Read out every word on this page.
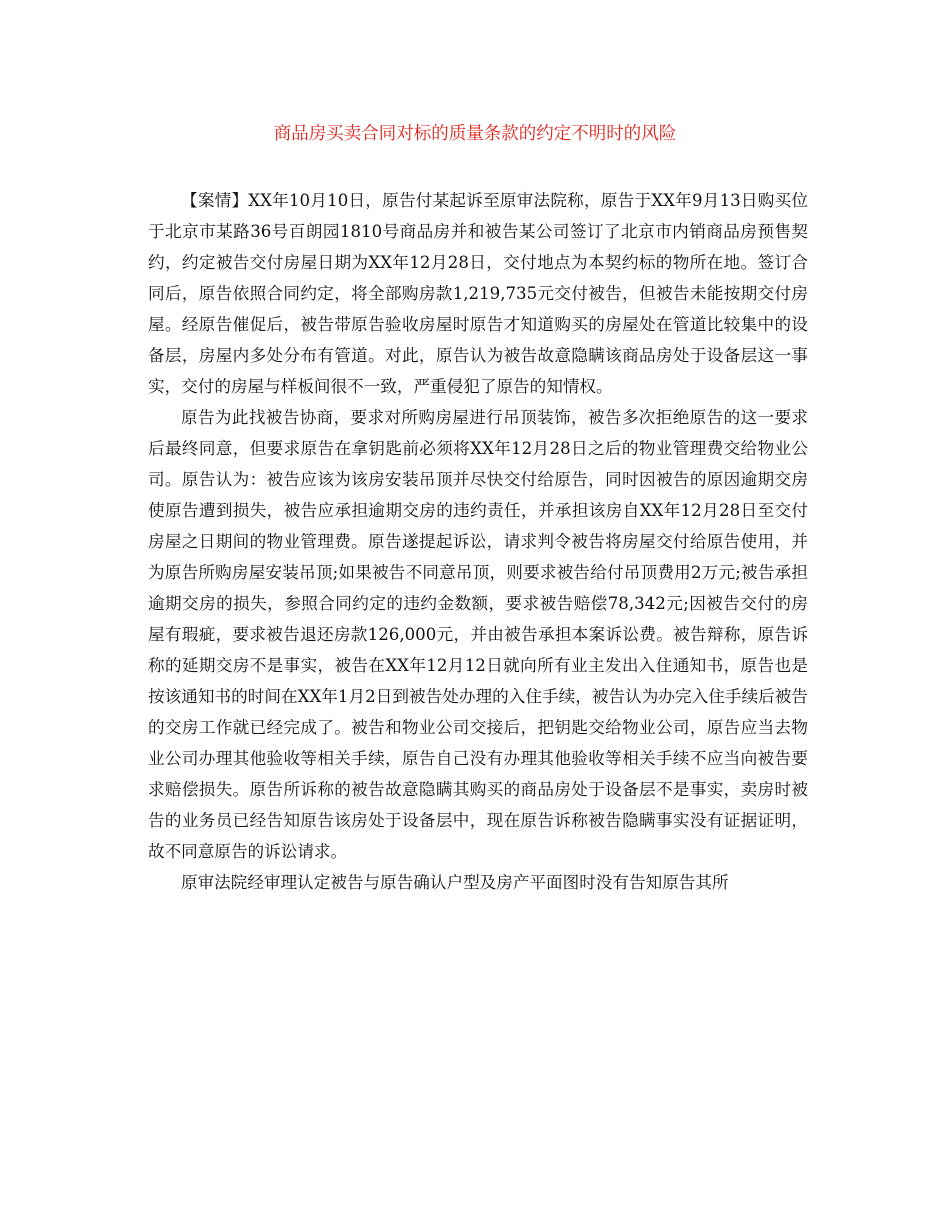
商品房买卖合同对标的质量条款的约定不明时的风险

【案情】XX年10月10日，原告付某起诉至原审法院称，原告于XX年9月13日购买位于北京市某路36号百朗园1810号商品房并和被告某公司签订了北京市内销商品房预售契约，约定被告交付房屋日期为XX年12月28日，交付地点为本契约标的物所在地。签订合同后，原告依照合同约定，将全部购房款1,219,735元交付被告，但被告未能按期交付房屋。经原告催促后，被告带原告验收房屋时原告才知道购买的房屋处在管道比较集中的设备层，房屋内多处分布有管道。对此，原告认为被告故意隐瞒该商品房处于设备层这一事实，交付的房屋与样板间很不一致，严重侵犯了原告的知情权。

原告为此找被告协商，要求对所购房屋进行吊顶装饰，被告多次拒绝原告的这一要求后最终同意，但要求原告在拿钥匙前必须将XX年12月28日之后的物业管理费交给物业公司。原告认为：被告应该为该房安装吊顶并尽快交付给原告，同时因被告的原因逾期交房使原告遭到损失，被告应承担逾期交房的违约责任，并承担该房自XX年12月28日至交付房屋之日期间的物业管理费。原告遂提起诉讼，请求判令被告将房屋交付给原告使用，并为原告所购房屋安装吊顶;如果被告不同意吊顶，则要求被告给付吊顶费用2万元;被告承担逾期交房的损失，参照合同约定的违约金数额，要求被告赔偿78,342元;因被告交付的房屋有瑕疵，要求被告退还房款126,000元，并由被告承担本案诉讼费。被告辩称，原告诉称的延期交房不是事实，被告在XX年12月12日就向所有业主发出入住通知书，原告也是按该通知书的时间在XX年1月2日到被告处办理的入住手续，被告认为办完入住手续后被告的交房工作就已经完成了。被告和物业公司交接后，把钥匙交给物业公司，原告应当去物业公司办理其他验收等相关手续，原告自己没有办理其他验收等相关手续不应当向被告要求赔偿损失。原告所诉称的被告故意隐瞒其购买的商品房处于设备层不是事实，卖房时被告的业务员已经告知原告该房处于设备层中，现在原告诉称被告隐瞒事实没有证据证明，故不同意原告的诉讼请求。

原审法院经审理认定被告与原告确认户型及房产平面图时没有告知原告其所
